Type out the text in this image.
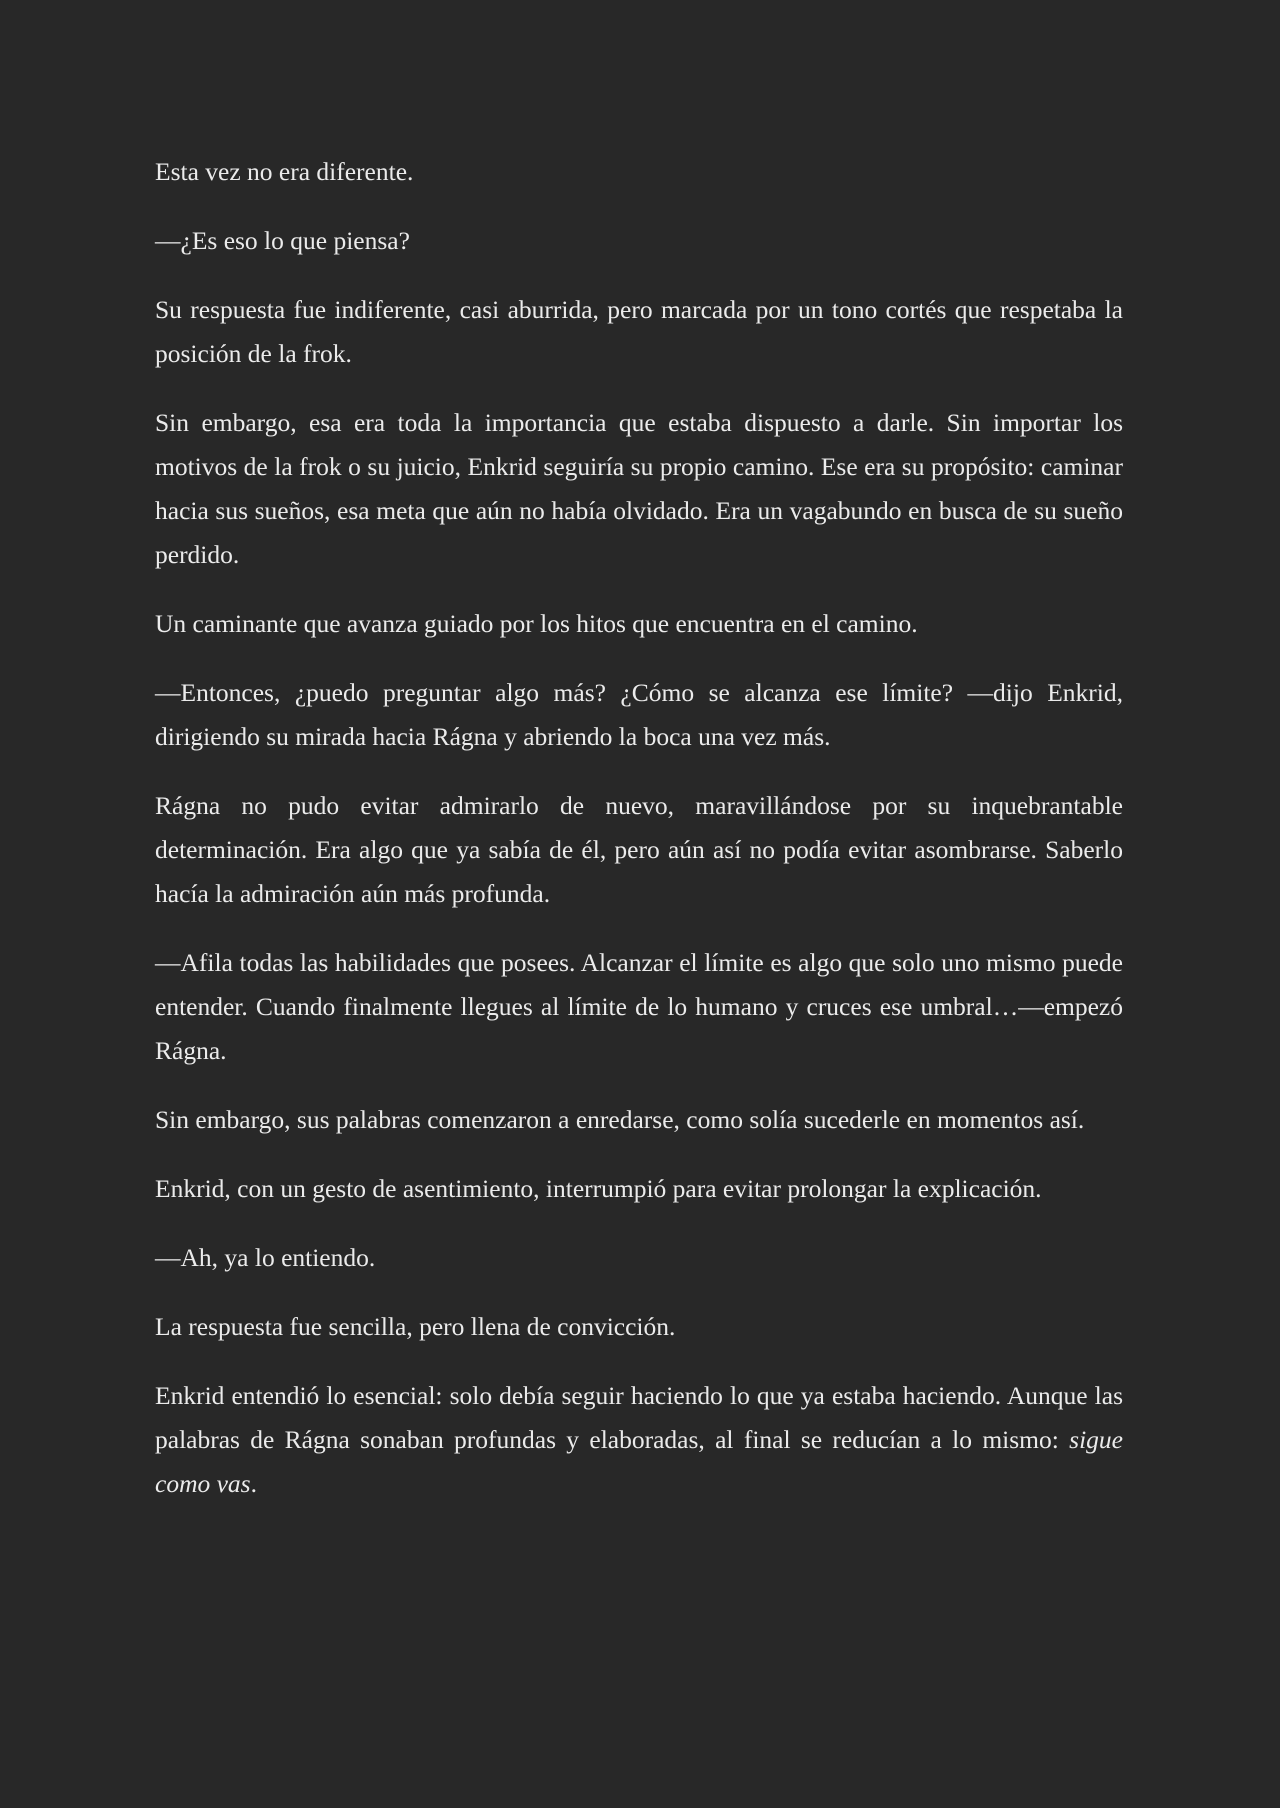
Esta vez no era diferente.

—¿Es eso lo que piensa?

Su respuesta fue indiferente, casi aburrida, pero marcada por un tono cortés que respetaba la posición de la frok.

Sin embargo, esa era toda la importancia que estaba dispuesto a darle. Sin importar los motivos de la frok o su juicio, Enkrid seguiría su propio camino. Ese era su propósito: caminar hacia sus sueños, esa meta que aún no había olvidado. Era un vagabundo en busca de su sueño perdido.

Un caminante que avanza guiado por los hitos que encuentra en el camino.

—Entonces, ¿puedo preguntar algo más? ¿Cómo se alcanza ese límite? —dijo Enkrid, dirigiendo su mirada hacia Rágna y abriendo la boca una vez más.

Rágna no pudo evitar admirarlo de nuevo, maravillándose por su inquebrantable determinación. Era algo que ya sabía de él, pero aún así no podía evitar asombrarse. Saberlo hacía la admiración aún más profunda.

—Afila todas las habilidades que posees. Alcanzar el límite es algo que solo uno mismo puede entender. Cuando finalmente llegues al límite de lo humano y cruces ese umbral…—empezó Rágna.

Sin embargo, sus palabras comenzaron a enredarse, como solía sucederle en momentos así.

Enkrid, con un gesto de asentimiento, interrumpió para evitar prolongar la explicación.

—Ah, ya lo entiendo.

La respuesta fue sencilla, pero llena de convicción.

Enkrid entendió lo esencial: solo debía seguir haciendo lo que ya estaba haciendo. Aunque las palabras de Rágna sonaban profundas y elaboradas, al final se reducían a lo mismo: sigue como vas.
